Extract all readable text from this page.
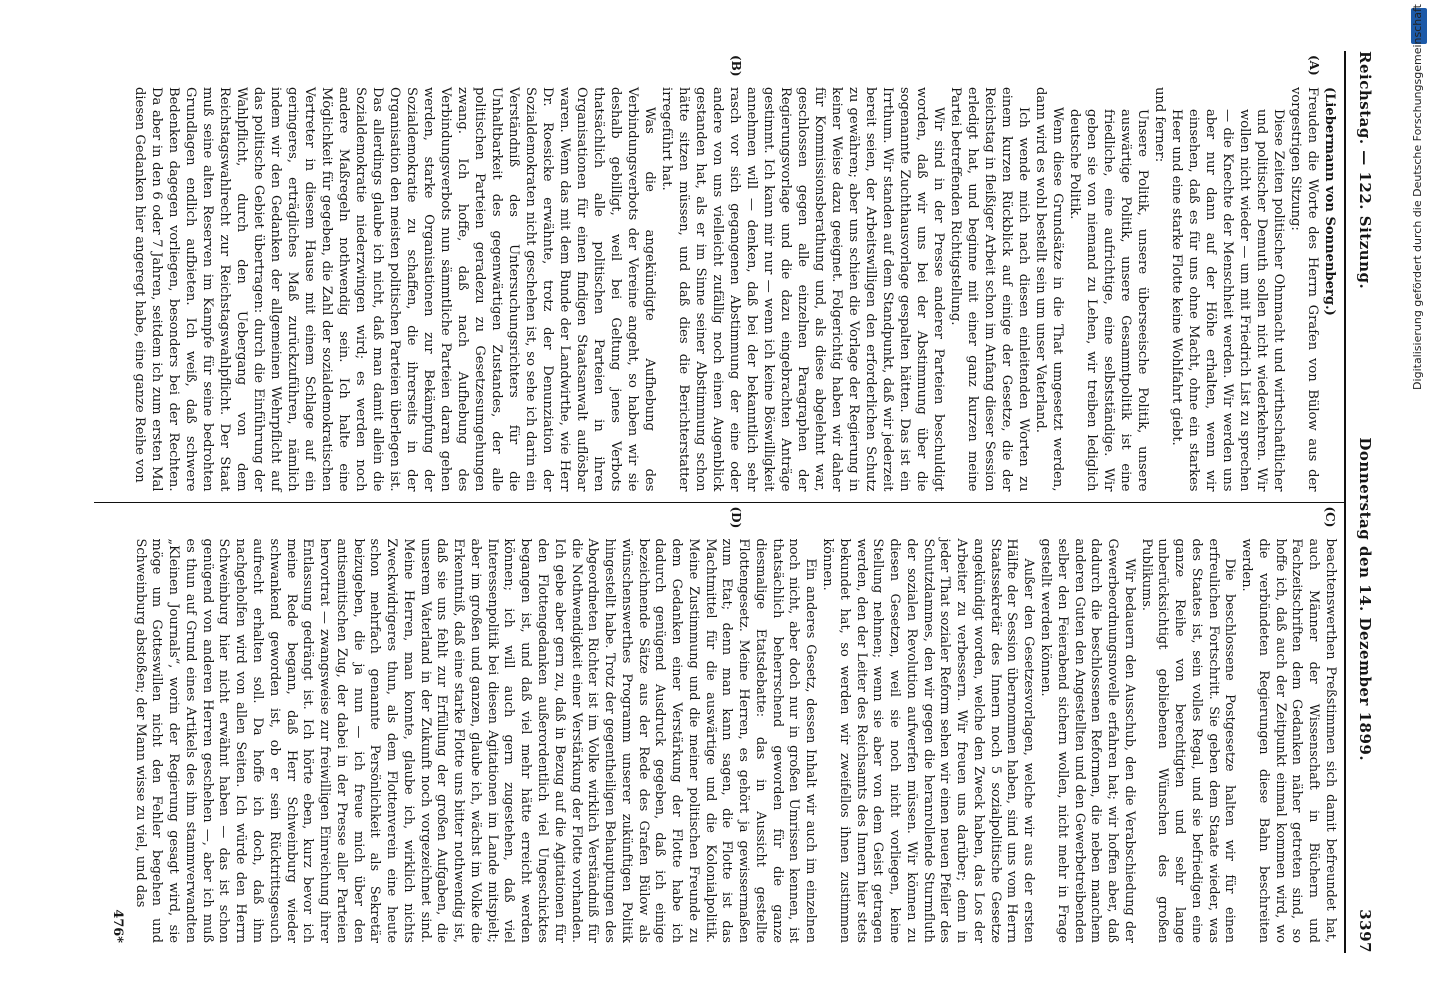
Reichstag. — 122. Sitzung.
Donnerstag den 14. Dezember 1899.
3397
(A)
(B)

(Liebermann von Sonnenberg.)

Freuden die Worte des Herrn Grafen von Bülow aus der vorgestrigen Sitzung:

Diese Zeiten politischer Ohnmacht und wirthschaftlicher und politischer Demuth sollen nicht wiederkehren. Wir wollen nicht wieder — um mit Friedrich List zu sprechen — die Knechte der Menschheit werden. Wir werden uns aber nur dann auf der Höhe erhalten, wenn wir einsehen, daß es für uns ohne Macht, ohne ein starkes Heer und eine starke Flotte keine Wohlfahrt giebt.

und ferner:

Unsere Politik, unsere überseeische Politik, unsere auswärtige Politik, unsere Gesammtpolitik ist eine friedliche, eine aufrichtige, eine selbstständige. Wir geben sie von niemand zu Lehen, wir treiben lediglich deutsche Politik.

Wenn diese Grundsätze in die That umgesetzt werden, dann wird es wohl bestellt sein um unser Vaterland.

Ich wende mich nach diesen einleitenden Worten zu einem kurzen Rückblick auf einige der Gesetze, die der Reichstag in fleißiger Arbeit schon im Anfang dieser Session erledigt hat, und beginne mit einer ganz kurzen meine Partei betreffenden Richtigstellung.

Wir sind in der Presse anderer Parteien beschuldigt worden, daß wir uns bei der Abstimmung über die sogenannte Zuchthausvorlage gespalten hätten. Das ist ein Irrthum. Wir standen auf dem Standpunkt, daß wir jederzeit bereit seien, der Arbeitswilligen den erforderlichen Schutz zu gewähren; aber uns schien die Vorlage der Regierung in keiner Weise dazu geeignet. Folgerichtig haben wir daher für Kommissionsberathung und, als diese abgelehnt war, geschlossen gegen alle einzelnen Paragraphen der Regierungsvorlage und die dazu eingebrachten Anträge gestimmt. Ich kann mir nur — wenn ich keine Böswilligkeit annehmen will — denken, daß bei der bekanntlich sehr rasch vor sich gegangenen Abstimmung der eine oder andere von uns vielleicht zufällig noch einen Augenblick gestanden hat, als er im Sinne seiner Abstimmung schon hätte sitzen müssen, und daß dies die Berichterstatter irregeführt hat.

Was die angekündigte Aufhebung des Verbindungsverbots der Vereine angeht, so haben wir sie deshalb gebilligt, weil bei Geltung jenes Verbots thatsächlich alle politischen Parteien in ihren Organisationen für einen findigen Staatsanwalt auflösbar waren. Wenn das mit dem Bunde der Landwirthe, wie Herr Dr. Roesicke erwähnte, trotz der Denunziation der Sozialdemokraten nicht geschehen ist, so sehe ich darin ein Verständniß des Untersuchungsrichters für die Unhaltbarkeit des gegenwärtigen Zustandes, der alle politischen Parteien geradezu zu Gesetzesumgehungen zwang. Ich hoffe, daß nach Aufhebung des Verbindungsverbots nun sämmtliche Parteien daran gehen werden, starke Organisationen zur Bekämpfung der Sozialdemokratie zu schaffen, die ihrerseits in der Organisation den meisten politischen Parteien überlegen ist. Das allerdings glaube ich nicht, daß man damit allein die Sozialdemokratie niederzwingen wird; es werden noch andere Maßregeln nothwendig sein. Ich halte eine Möglichkeit für gegeben, die Zahl der sozialdemokratischen Vertreter in diesem Hause mit einem Schlage auf ein geringeres, erträgliches Maß zurückzuführen, nämlich indem wir den Gedanken der allgemeinen Wehrpflicht auf das politische Gebiet übertragen: durch die Einführung der Wahlpflicht, durch den Uebergang von dem Reichstagswahlrecht zur Reichstagswahlpflicht. Der Staat muß seine alten Reserven im Kampfe für seine bedrohten Grundlagen endlich aufbieten. Ich weiß, daß schwere Bedenken dagegen vorliegen, besonders bei der Rechten. Da aber in den 6 oder 7 Jahren, seitdem ich zum ersten Mal diesen Gedanken hier angeregt habe, eine ganze Reihe von

(C)
(D)

beachtenswerthen Preßstimmen sich damit befreundet hat, auch Männer der Wissenschaft in Büchern und Fachzeitschriften dem Gedanken näher getreten sind, so hoffe ich, daß auch der Zeitpunkt einmal kommen wird, wo die verbündeten Regierungen diese Bahn beschreiten werden.

Die beschlossene Postgesetze halten wir für einen erfreulichen Fortschritt. Sie geben dem Staate wieder, was des Staates ist, sein volles Regal, und sie befriedigen eine ganze Reihe von berechtigten und sehr lange unberücksichtigt gebliebenen Wünschen des großen Publikums.

Wir bedauern den Ausschub, den die Verabschiedung der Gewerbeordnungsnovelle erfahren hat; wir hoffen aber, daß dadurch die beschlossenen Reformen, die neben manchem anderen Guten den Angestellten und den Gewerbetreibenden selber den Feierabend sichern wollen, nicht mehr in Frage gestellt werden können.

Außer den Gesetzesvorlagen, welche wir aus der ersten Hälfte der Session übernommen haben, sind uns vom Herrn Staatssekretär des Innern noch 5 sozialpolitische Gesetze angekündigt worden, welche den Zweck haben, das Los der Arbeiter zu verbessern. Wir freuen uns darüber; denn in jeder That sozialer Reform sehen wir einen neuen Pfeiler des Schutzdammes, den wir gegen die heranrollende Sturmfluth der sozialen Revolution aufwerfen müssen. Wir können zu diesen Gesetzen, weil sie noch nicht vorliegen, keine Stellung nehmen; wenn sie aber von dem Geist getragen werden, den der Leiter des Reichsamts des Innern hier stets bekundet hat, so werden wir zweifellos ihnen zustimmen können.

Ein anderes Gesetz, dessen Inhalt wir auch im einzelnen noch nicht, aber doch nur in großen Umrissen kennen, ist thatsächlich beherrschend geworden für die ganze diesmalige Etatsdebatte: das in Aussicht gestellte Flottengesetz. Meine Herren, es gehört ja gewissermaßen zum Etat; denn man kann sagen, die Flotte ist das Machtmittel für die auswärtige und die Kolonialpolitik. Meine Zustimmung und die meiner politischen Freunde zu dem Gedanken einer Verstärkung der Flotte habe ich dadurch genügend Ausdruck gegeben, daß ich einige bezeichnende Sätze aus der Rede des Grafen Bülow als wünschenswerthes Programm unserer zukünftigen Politik hingestellt habe. Trotz der gegentheiligen Behauptungen des Abgeordneten Richter ist im Volke wirklich Verständniß für die Nothwendigkeit einer Verstärkung der Flotte vorhanden. Ich gebe aber gern zu, daß in Bezug auf die Agitationen für den Flottengedanken außerordentlich viel Ungeschicktes begangen ist, und daß viel mehr hätte erreicht werden können; ich will auch gern zugestehen, daß viel Interessenpolitik bei diesen Agitationen im Lande mitspielt; aber im großen und ganzen, glaube ich, wächst im Volke die Erkenntniß, daß eine starke Flotte uns bitter nothwendig ist, daß sie uns fehlt zur Erfüllung der großen Aufgaben, die unserem Vaterland in der Zukunft noch vorgezeichnet sind. Meine Herren, man konnte, glaube ich, wirklich nichts Zweckwidrigeres thun, als dem Flottenverein eine heute schon mehrfach genannte Persönlichkeit als Sekretär beizugeben, die ja nun — ich freue mich über den antisemitischen Zug, der dabei in der Presse aller Parteien hervortrat — zwangsweise zur freiwilligen Einreichung ihrer Entlassung gedrängt ist. Ich hörte eben, kurz bevor ich meine Rede begann, daß Herr Schweinburg wieder schwankend geworden ist, ob er sein Rücktrittsgesuch aufrecht erhalten soll. Da hoffe ich doch, daß ihm nachgeholfen wird von allen Seiten. Ich würde den Herrn Schweinburg hier nicht erwähnt haben — das ist schon genügend von anderen Herren geschehen —, aber ich muß es thun auf Grund eines Artikels des ihm stammverwandten „Kleinen Journals“, worin der Regierung gesagt wird, sie möge um Gotteswillen nicht den Fehler begehen und Schweinburg abstoßen; der Mann wisse zu viel, und das

476*

Digitalisierung gefördert durch die Deutsche Forschungsgemeinschaft
